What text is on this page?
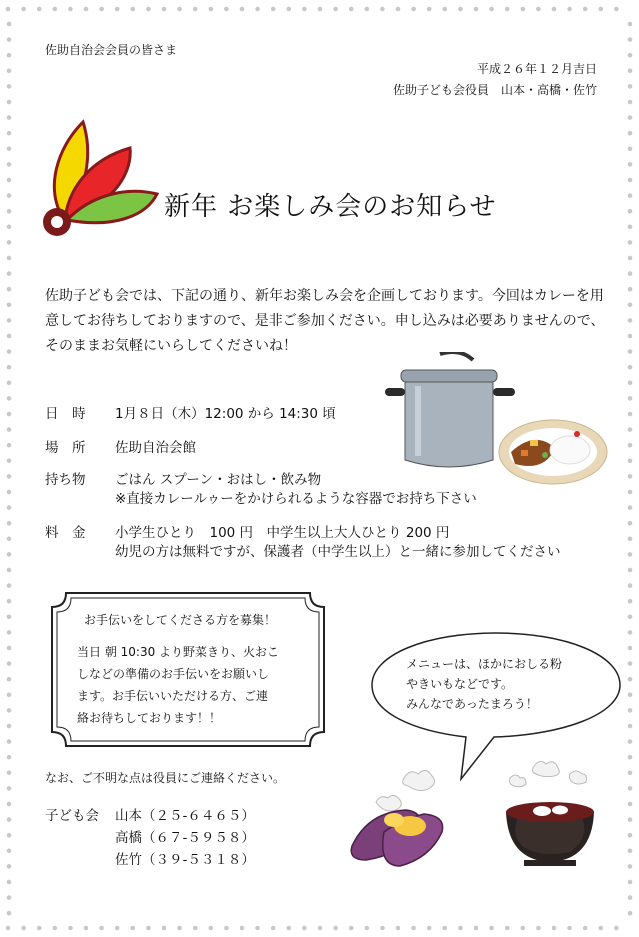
佐助自治会会員の皆さま
平成２６年１２月吉日
佐助子ども会役員　山本・高橋・佐竹
新年 お楽しみ会のお知らせ
佐助子ども会では、下記の通り、新年お楽しみ会を企画しております。今回はカレーを用意してお待ちしておりますので、是非ご参加ください。申し込みは必要ありませんので、そのままお気軽にいらしてくださいね！
日　時 1月８日（木）12:00 から 14:30 頃
場　所 佐助自治会館
持ち物 ごはん スプーン・おはし・飲み物
※直接カレールゥーをかけられるような容器でお持ち下さい
料　金 小学生ひとり　100 円　中学生以上大人ひとり 200 円
幼児の方は無料ですが、保護者（中学生以上）と一緒に参加してください
お手伝いをしてくださる方を募集！
当日 朝 10:30 より野菜きり、火おこ
しなどの準備のお手伝いをお願いし
ます。お手伝いいただける方、ご連
絡お待ちしております！！
メニューは、ほかにおしる粉
やきいもなどです。
みんなであったまろう！
なお、ご不明な点は役員にご連絡ください。
子ども会 山本（２５-６４６５）
高橋（６７-５９５８）
佐竹（３９-５３１８）
